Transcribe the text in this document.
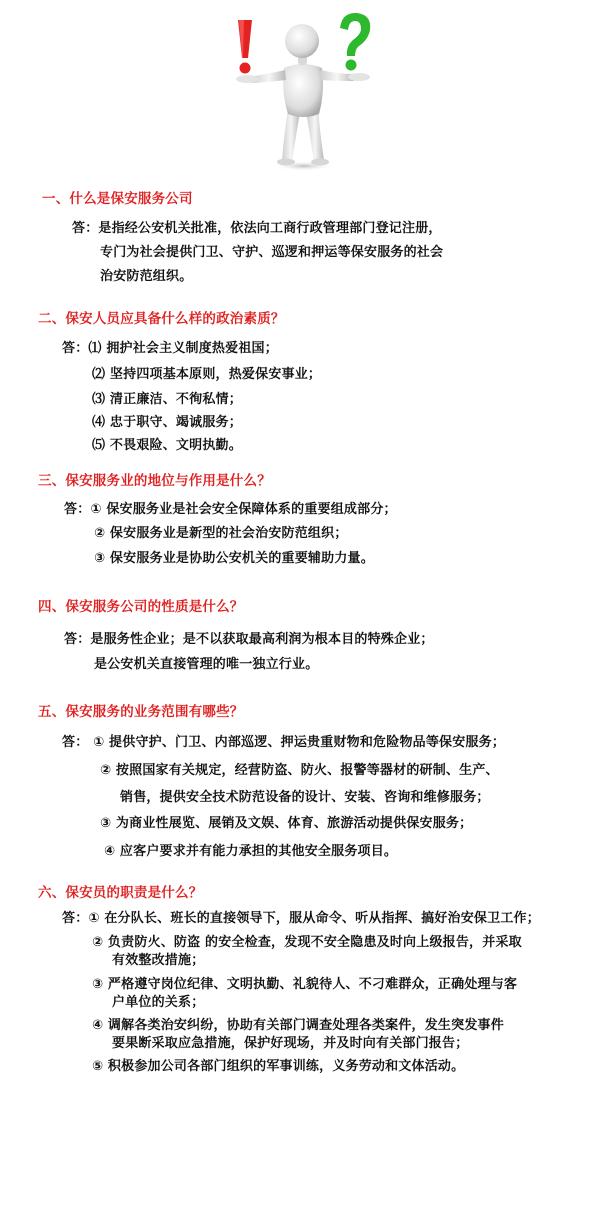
一、什么是保安服务公司
答：是指经公安机关批准，依法向工商行政管理部门登记注册，
专门为社会提供门卫、守护、巡逻和押运等保安服务的社会
治安防范组织。
二、保安人员应具备什么样的政治素质？
答：⑴ 拥护社会主义制度热爱祖国；
⑵ 坚持四项基本原则，热爱保安事业；
⑶ 清正廉洁、不徇私情；
⑷ 忠于职守、竭诚服务；
⑸ 不畏艰险、文明执勤。
三、保安服务业的地位与作用是什么？
答：① 保安服务业是社会安全保障体系的重要组成部分；
② 保安服务业是新型的社会治安防范组织；
③ 保安服务业是协助公安机关的重要辅助力量。
四、保安服务公司的性质是什么？
答：是服务性企业；是不以获取最高利润为根本目的特殊企业；
是公安机关直接管理的唯一独立行业。
五、保安服务的业务范围有哪些？
答： ① 提供守护、门卫、内部巡逻、押运贵重财物和危险物品等保安服务；
② 按照国家有关规定，经营防盗、防火、报警等器材的研制、生产、
销售，提供安全技术防范设备的设计、安装、咨询和维修服务；
③ 为商业性展览、展销及文娱、体育、旅游活动提供保安服务；
④ 应客户要求并有能力承担的其他安全服务项目。
六、保安员的职责是什么？
答：① 在分队长、班长的直接领导下，服从命令、听从指挥、搞好治安保卫工作；
② 负责防火、防盗 的安全检查，发现不安全隐患及时向上级报告，并采取
有效整改措施；
③ 严格遵守岗位纪律、文明执勤、礼貌待人、不刁难群众，正确处理与客
户单位的关系；
④ 调解各类治安纠纷，协助有关部门调查处理各类案件，发生突发事件
要果断采取应急措施，保护好现场，并及时向有关部门报告；
⑤ 积极参加公司各部门组织的军事训练，义务劳动和文体活动。
